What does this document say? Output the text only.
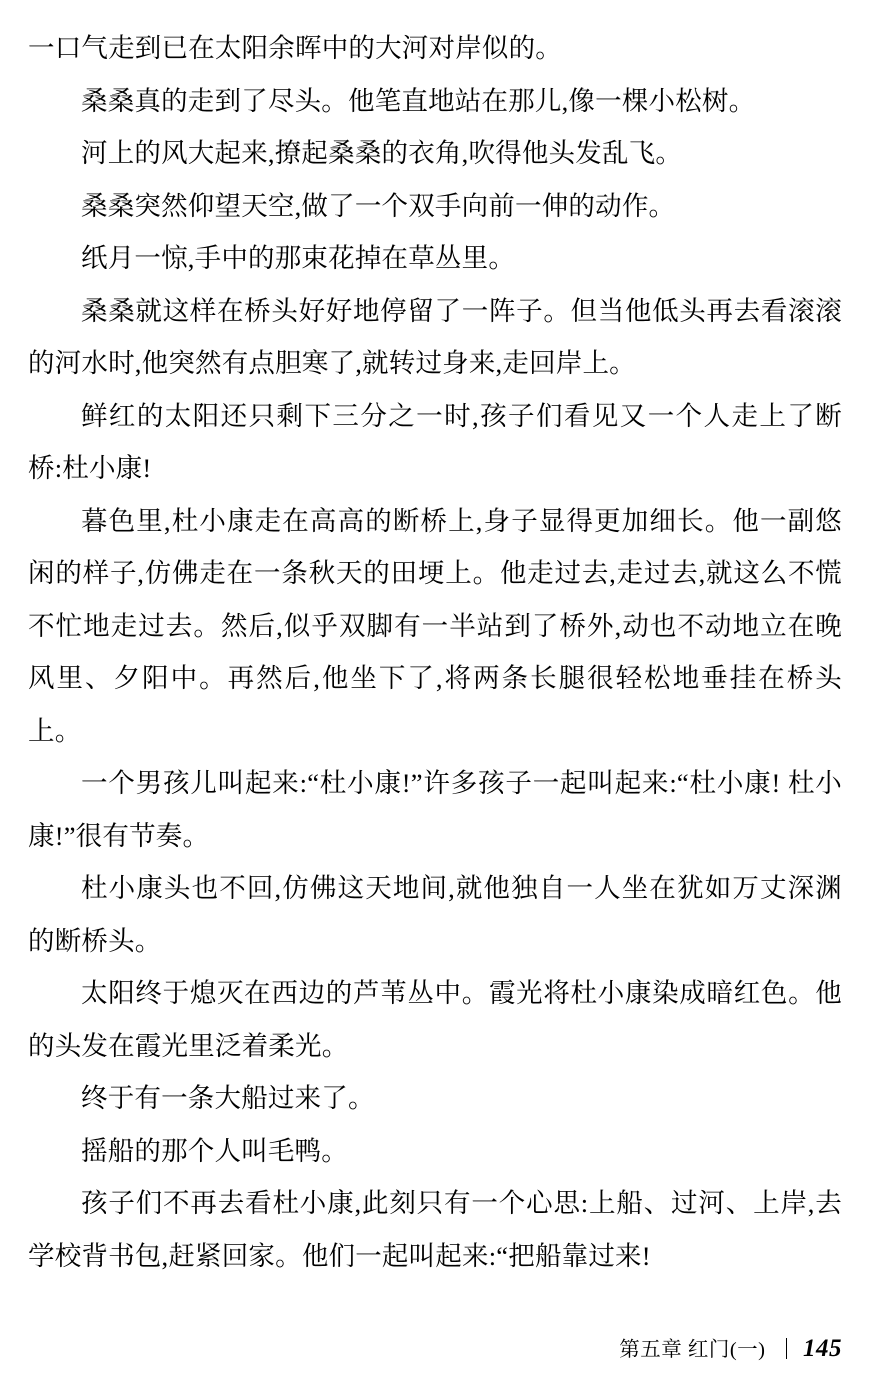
一口气走到已在太阳余晖中的大河对岸似的。

桑桑真的走到了尽头。他笔直地站在那儿,像一棵小松树。

河上的风大起来,撩起桑桑的衣角,吹得他头发乱飞。

桑桑突然仰望天空,做了一个双手向前一伸的动作。

纸月一惊,手中的那束花掉在草丛里。

桑桑就这样在桥头好好地停留了一阵子。但当他低头再去看滚滚的河水时,他突然有点胆寒了,就转过身来,走回岸上。

鲜红的太阳还只剩下三分之一时,孩子们看见又一个人走上了断桥:杜小康!

暮色里,杜小康走在高高的断桥上,身子显得更加细长。他一副悠闲的样子,仿佛走在一条秋天的田埂上。他走过去,走过去,就这么不慌不忙地走过去。然后,似乎双脚有一半站到了桥外,动也不动地立在晚风里、夕阳中。再然后,他坐下了,将两条长腿很轻松地垂挂在桥头上。

一个男孩儿叫起来:“杜小康!”许多孩子一起叫起来:“杜小康! 杜小康!”很有节奏。

杜小康头也不回,仿佛这天地间,就他独自一人坐在犹如万丈深渊的断桥头。

太阳终于熄灭在西边的芦苇丛中。霞光将杜小康染成暗红色。他的头发在霞光里泛着柔光。

终于有一条大船过来了。

摇船的那个人叫毛鸭。

孩子们不再去看杜小康,此刻只有一个心思:上船、过河、上岸,去学校背书包,赶紧回家。他们一起叫起来:“把船靠过来!

第五章 红门(一) 145
